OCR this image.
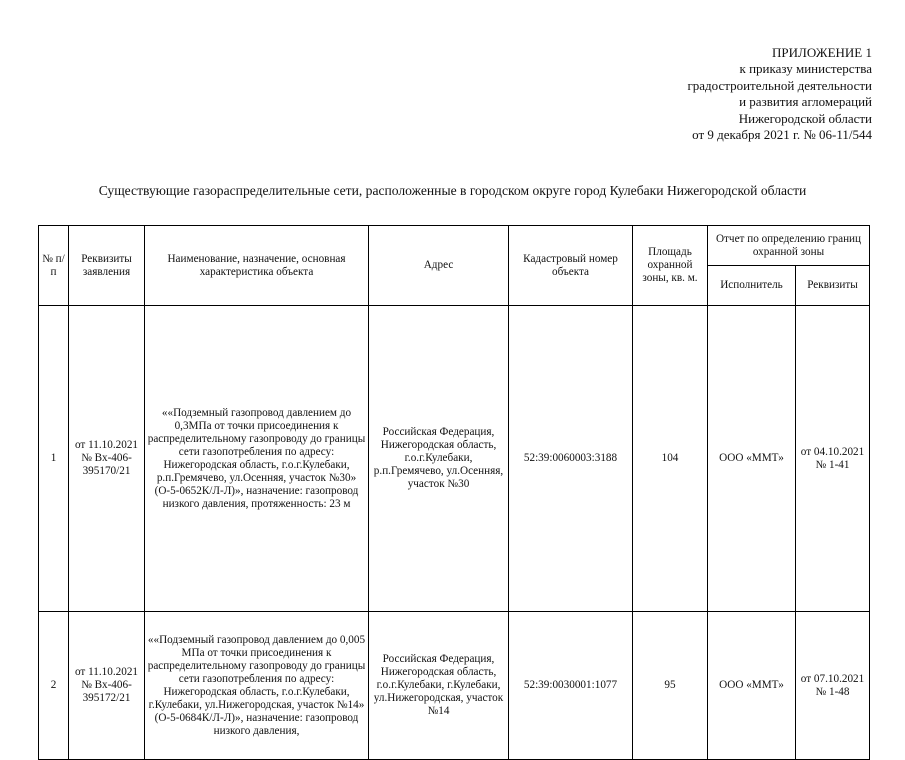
ПРИЛОЖЕНИЕ 1
к приказу министерства
градостроительной деятельности
и развития агломераций
Нижегородской области
от 9 декабря 2021 г. № 06-11/544
Существующие газораспределительные сети, расположенные в городском округе город Кулебаки Нижегородской области
№ п/п	Реквизиты заявления	Наименование, назначение, основная характеристика объекта	Адрес	Кадастровый номер объекта	Площадь охранной зоны, кв. м.	Отчет по определению границ охранной зоны	
						Исполнитель	Реквизиты
1	от 11.10.2021 № Вх-406-395170/21	««Подземный газопровод давлением до 0,3МПа от точки присоединения к распределительному газопроводу до границы сети газопотребления по адресу: Нижегородская область, г.о.г.Кулебаки, р.п.Гремячево, ул.Осенняя, участок №30» (О-5-0652К/Л-Л)», назначение: газопровод низкого давления, протяженность: 23 м	Российская Федерация, Нижегородская область, г.о.г.Кулебаки, р.п.Гремячево, ул.Осенняя, участок №30	52:39:0060003:3188	104	ООО «ММТ»	от 04.10.2021 № 1-41
2	от 11.10.2021 № Вх-406-395172/21	««Подземный газопровод давлением до 0,005 МПа от точки присоединения к распределительному газопроводу до границы сети газопотребления по адресу: Нижегородская область, г.о.г.Кулебаки, г.Кулебаки, ул.Нижегородская, участок №14» (О-5-0684К/Л-Л)», назначение: газопровод низкого давления,	Российская Федерация, Нижегородская область, г.о.г.Кулебаки, г.Кулебаки, ул.Нижегородская, участок №14	52:39:0030001:1077	95	ООО «ММТ»	от 07.10.2021 № 1-48
